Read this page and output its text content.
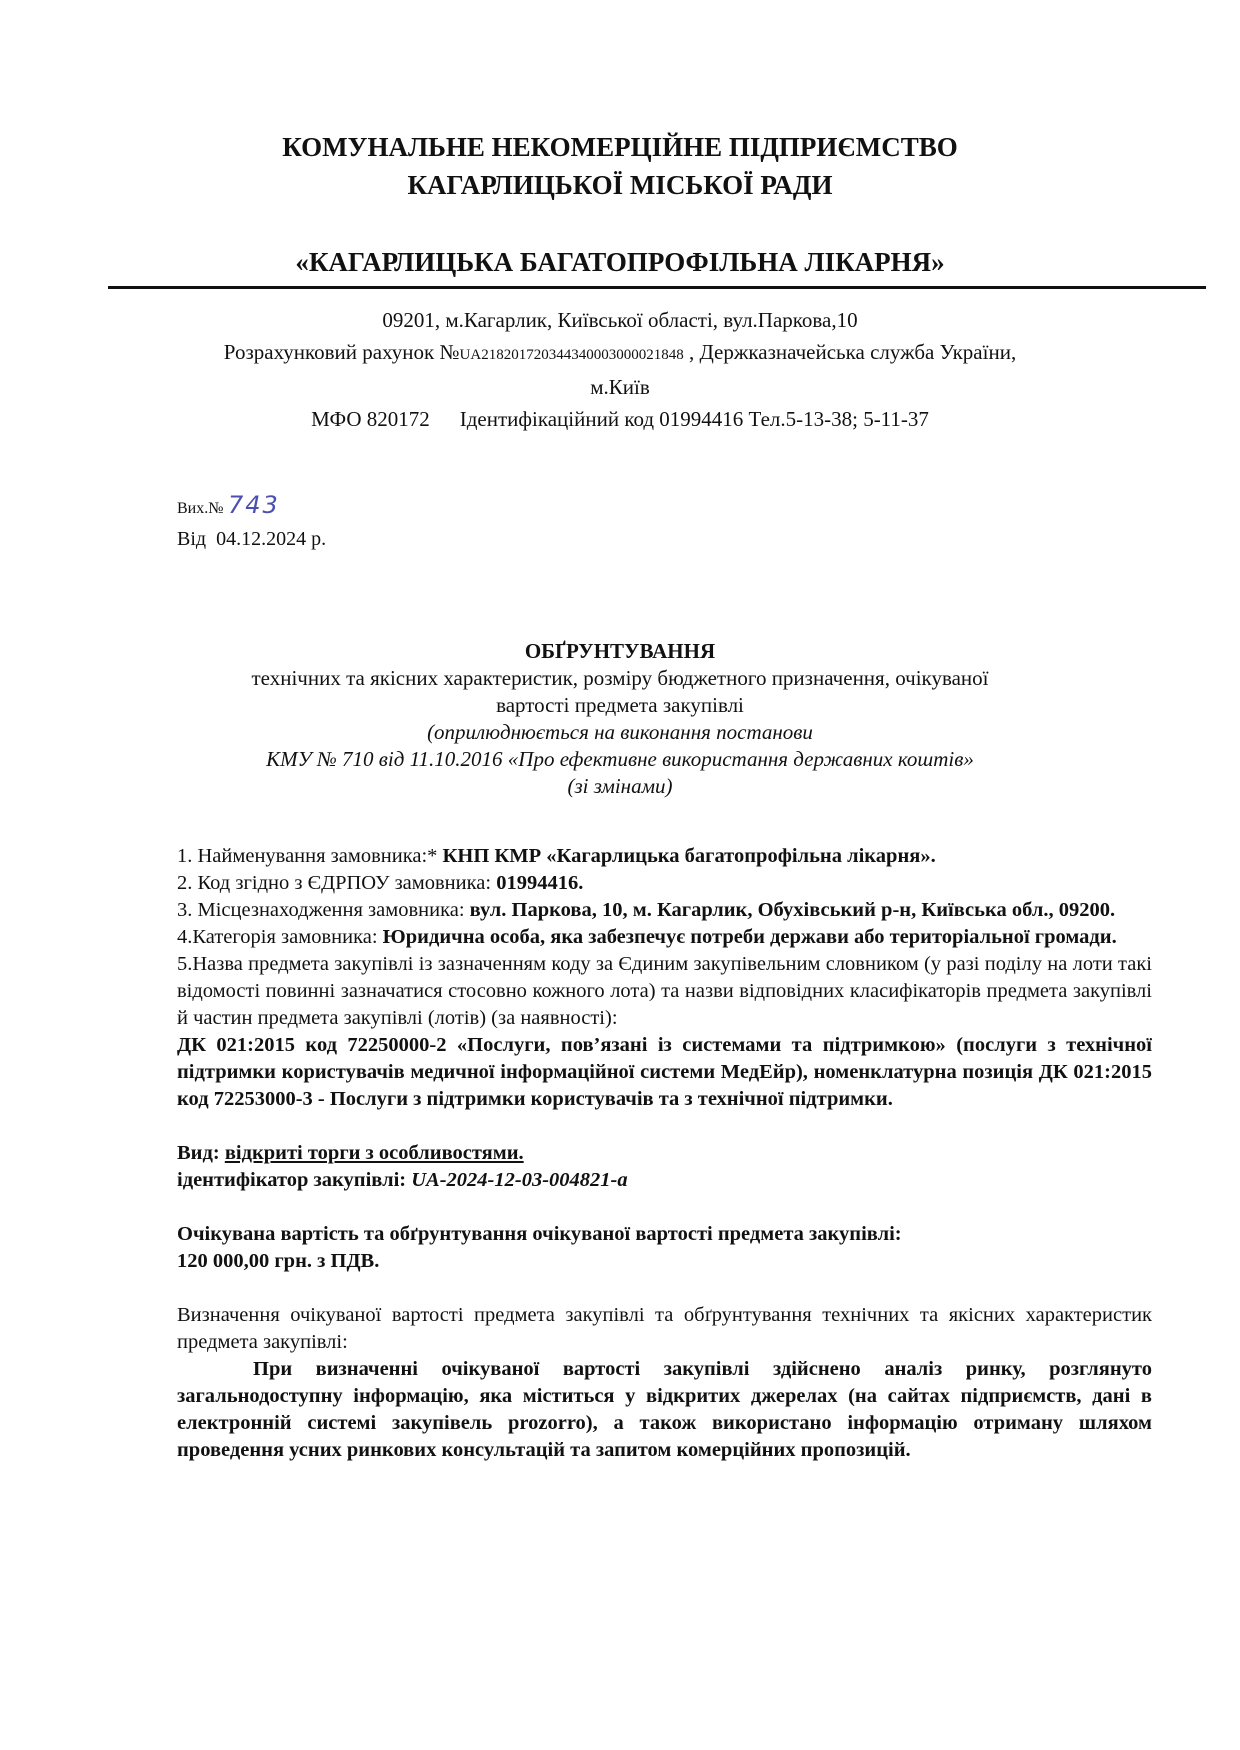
КОМУНАЛЬНЕ НЕКОМЕРЦІЙНЕ ПІДПРИЄМСТВО
КАГАРЛИЦЬКОЇ МІСЬКОЇ РАДИ
«КАГАРЛИЦЬКА БАГАТОПРОФІЛЬНА ЛІКАРНЯ»
09201, м.Кагарлик, Київської області, вул.Паркова,10
Розрахунковий рахунок №UA218201720344340003000021848 , Держказначейська служба України,
м.Київ
МФО 820172 Ідентифікаційний код 01994416 Тел.5-13-38; 5-11-37
Вих.№ 743
Від 04.12.2024 р.
ОБҐРУНТУВАННЯ
технічних та якісних характеристик, розміру бюджетного призначення, очікуваної
вартості предмета закупівлі
(оприлюднюється на виконання постанови
КМУ № 710 від 11.10.2016 «Про ефективне використання державних коштів»
(зі змінами)

1. Найменування замовника:* КНП КМР «Кагарлицька багатопрофільна лікарня».

2. Код згідно з ЄДРПОУ замовника: 01994416.

3. Місцезнаходження замовника: вул. Паркова, 10, м. Кагарлик, Обухівський р-н, Київська обл., 09200.

4.Категорія замовника: Юридична особа, яка забезпечує потреби держави або територіальної громади.

5.Назва предмета закупівлі із зазначенням коду за Єдиним закупівельним словником (у разі поділу на лоти такі відомості повинні зазначатися стосовно кожного лота) та назви відповідних класифікаторів предмета закупівлі й частин предмета закупівлі (лотів) (за наявності):

ДК 021:2015 код 72250000-2 «Послуги, пов’язані із системами та підтримкою» (послуги з технічної підтримки користувачів медичної інформаційної системи МедЕйр), номенклатурна позиція ДК 021:2015 код 72253000-3 - Послуги з підтримки користувачів та з технічної підтримки.

Вид: відкриті торги з особливостями.

ідентифікатор закупівлі: UA-2024-12-03-004821-a

Очікувана вартість та обґрунтування очікуваної вартості предмета закупівлі:

120 000,00 грн. з ПДВ.

Визначення очікуваної вартості предмета закупівлі та обґрунтування технічних та якісних характеристик предмета закупівлі:

При визначенні очікуваної вартості закупівлі здійснено аналіз ринку, розглянуто загальнодоступну інформацію, яка міститься у відкритих джерелах (на сайтах підприємств, дані в електронній системі закупівель prozorro), а також використано інформацію отриману шляхом проведення усних ринкових консультацій та запитом комерційних пропозицій.
